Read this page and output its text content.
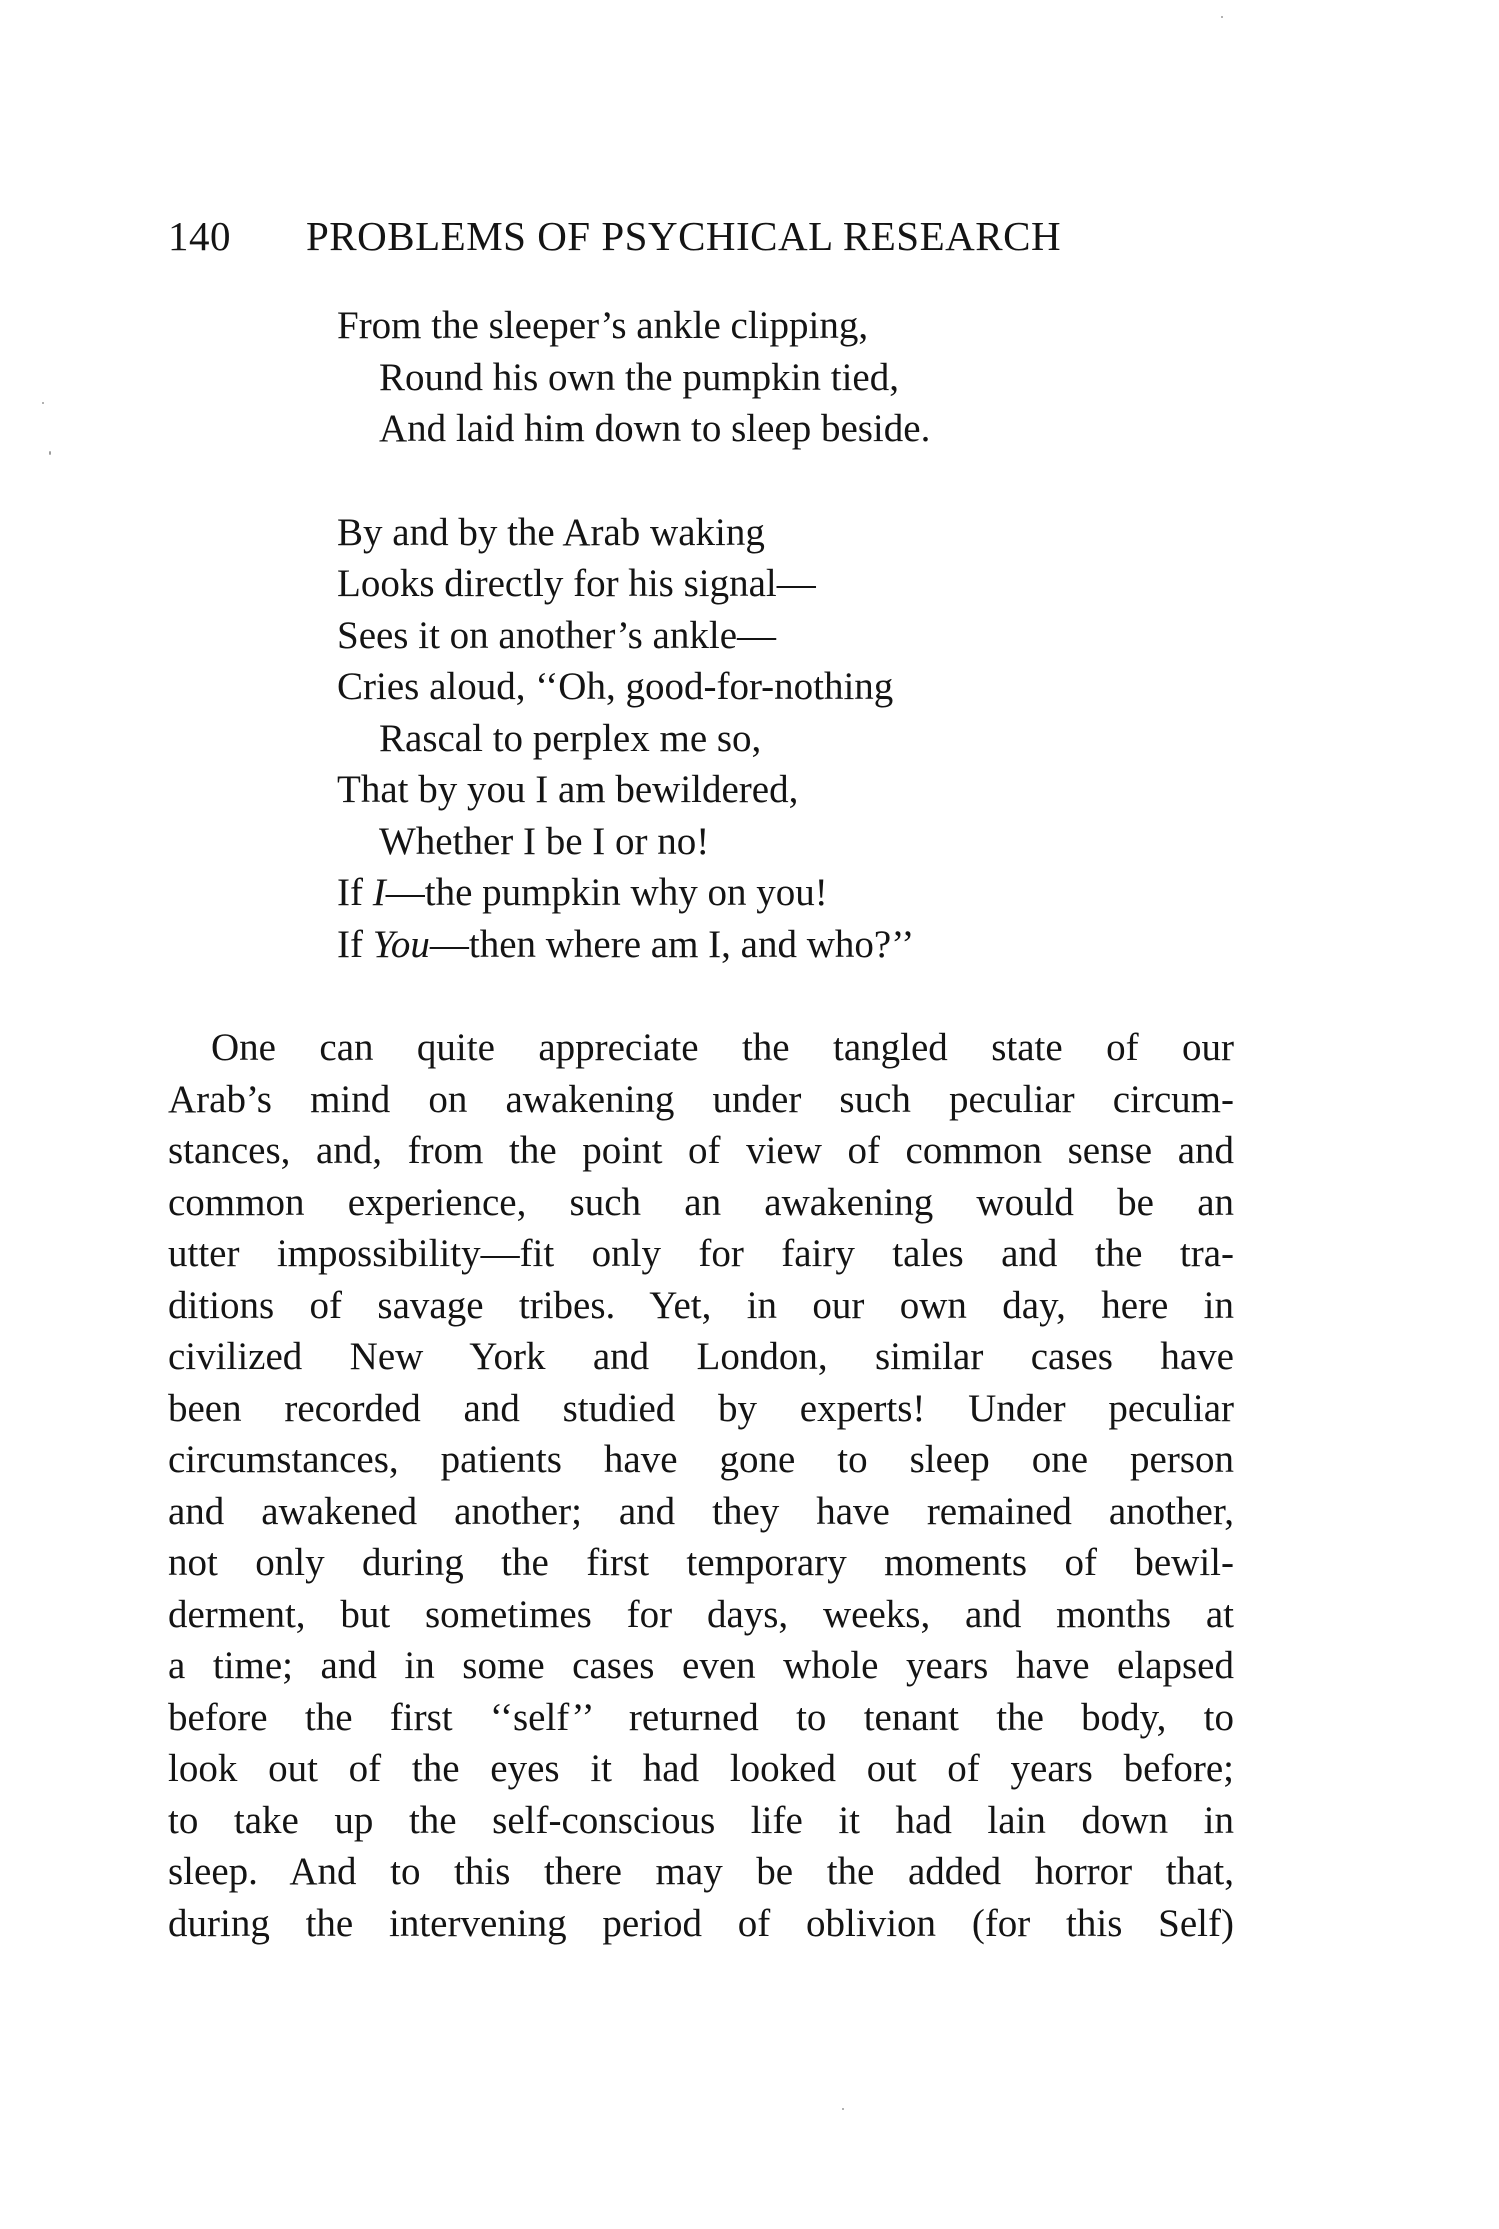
140 PROBLEMS OF PSYCHICAL RESEARCH
From the sleeper’s ankle clipping,
Round his own the pumpkin tied,
And laid him down to sleep beside.
By and by the Arab waking
Looks directly for his signal—
Sees it on another’s ankle—
Cries aloud, ‘‘Oh, good-for-nothing
Rascal to perplex me so,
That by you I am bewildered,
Whether I be I or no!
If I—the pumpkin why on you!
If You—then where am I, and who?’’
One can quite appreciate the tangled state of our
Arab’s mind on awakening under such peculiar circum-
stances, and, from the point of view of common sense and
common experience, such an awakening would be an
utter impossibility—fit only for fairy tales and the tra-
ditions of savage tribes. Yet, in our own day, here in
civilized New York and London, similar cases have
been recorded and studied by experts! Under peculiar
circumstances, patients have gone to sleep one person
and awakened another; and they have remained another,
not only during the first temporary moments of bewil-
derment, but sometimes for days, weeks, and months at
a time; and in some cases even whole years have elapsed
before the first ‘‘self’’ returned to tenant the body, to
look out of the eyes it had looked out of years before;
to take up the self-conscious life it had lain down in
sleep. And to this there may be the added horror that,
during the intervening period of oblivion (for this Self)
